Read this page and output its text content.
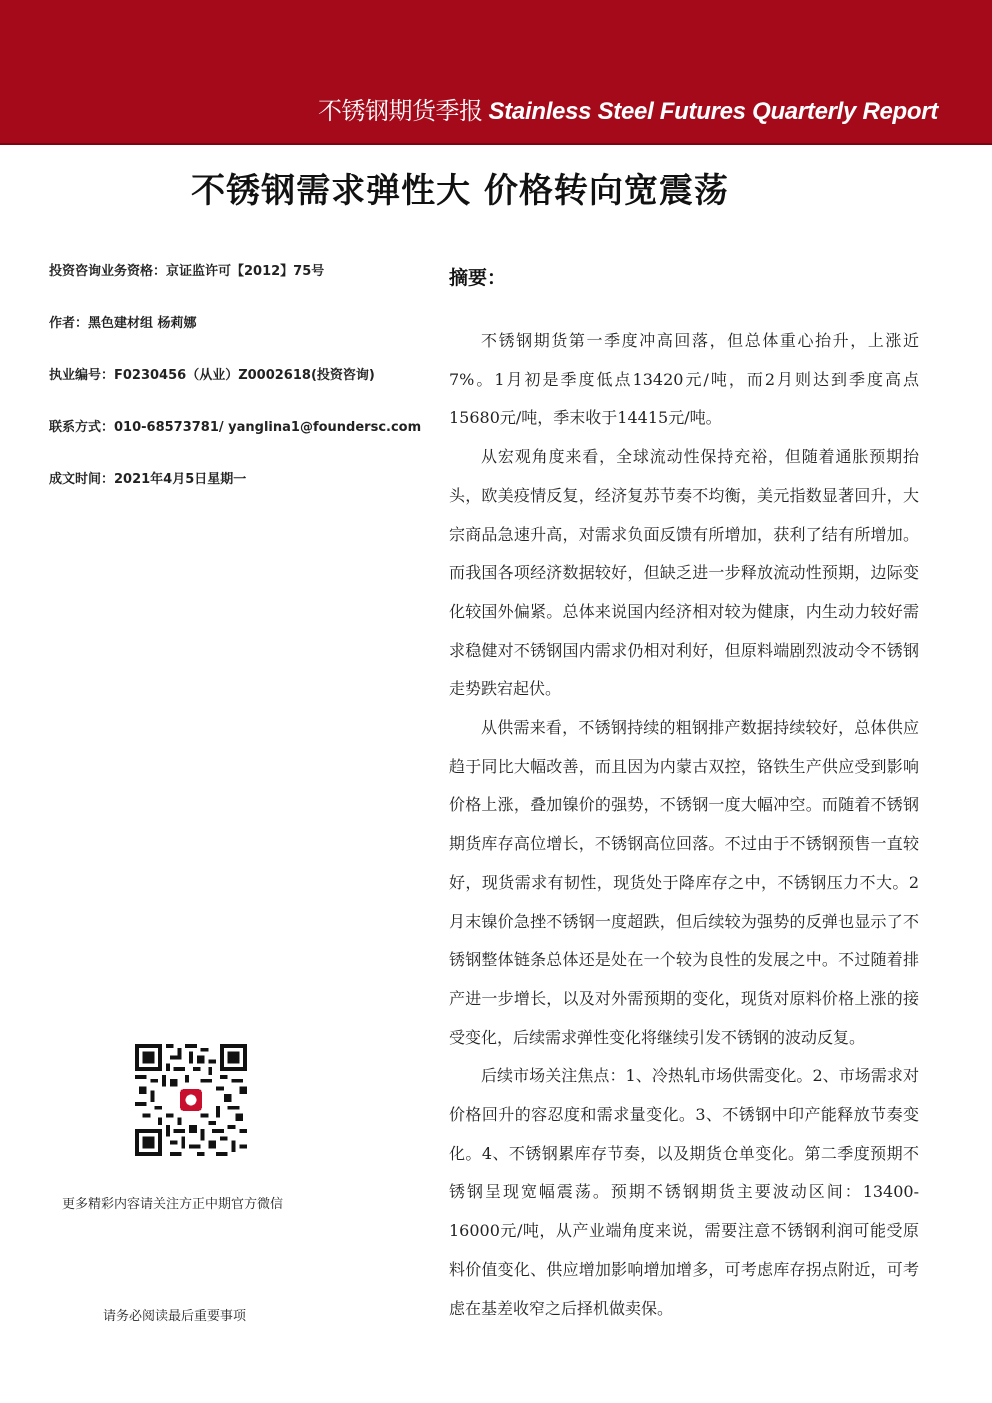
不锈钢期货季报 Stainless Steel Futures Quarterly Report
不锈钢需求弹性大 价格转向宽震荡
投资咨询业务资格：京证监许可【2012】75号
作者：黑色建材组 杨莉娜
执业编号：F0230456（从业）Z0002618(投资咨询)
联系方式：010-68573781/ yanglina1@foundersc.com
成文时间：2021年4月5日星期一
更多精彩内容请关注方正中期官方微信
请务必阅读最后重要事项
摘要：

不锈钢期货第一季度冲高回落，但总体重心抬升，上涨近7%。1月初是季度低点13420元/吨，而2月则达到季度高点15680元/吨，季末收于14415元/吨。

从宏观角度来看，全球流动性保持充裕，但随着通胀预期抬头，欧美疫情反复，经济复苏节奏不均衡，美元指数显著回升，大宗商品急速升高，对需求负面反馈有所增加，获利了结有所增加。而我国各项经济数据较好，但缺乏进一步释放流动性预期，边际变化较国外偏紧。总体来说国内经济相对较为健康，内生动力较好需求稳健对不锈钢国内需求仍相对利好，但原料端剧烈波动令不锈钢走势跌宕起伏。

从供需来看，不锈钢持续的粗钢排产数据持续较好，总体供应趋于同比大幅改善，而且因为内蒙古双控，铬铁生产供应受到影响价格上涨，叠加镍价的强势，不锈钢一度大幅冲空。而随着不锈钢期货库存高位增长，不锈钢高位回落。不过由于不锈钢预售一直较好，现货需求有韧性，现货处于降库存之中，不锈钢压力不大。2月末镍价急挫不锈钢一度超跌，但后续较为强势的反弹也显示了不锈钢整体链条总体还是处在一个较为良性的发展之中。不过随着排产进一步增长，以及对外需预期的变化，现货对原料价格上涨的接受变化，后续需求弹性变化将继续引发不锈钢的波动反复。

后续市场关注焦点：1、冷热轧市场供需变化。2、市场需求对价格回升的容忍度和需求量变化。3、不锈钢中印产能释放节奏变化。4、不锈钢累库存节奏，以及期货仓单变化。第二季度预期不锈钢呈现宽幅震荡。预期不锈钢期货主要波动区间：13400-16000元/吨，从产业端角度来说，需要注意不锈钢利润可能受原料价值变化、供应增加影响增加增多，可考虑库存拐点附近，可考虑在基差收窄之后择机做卖保。
